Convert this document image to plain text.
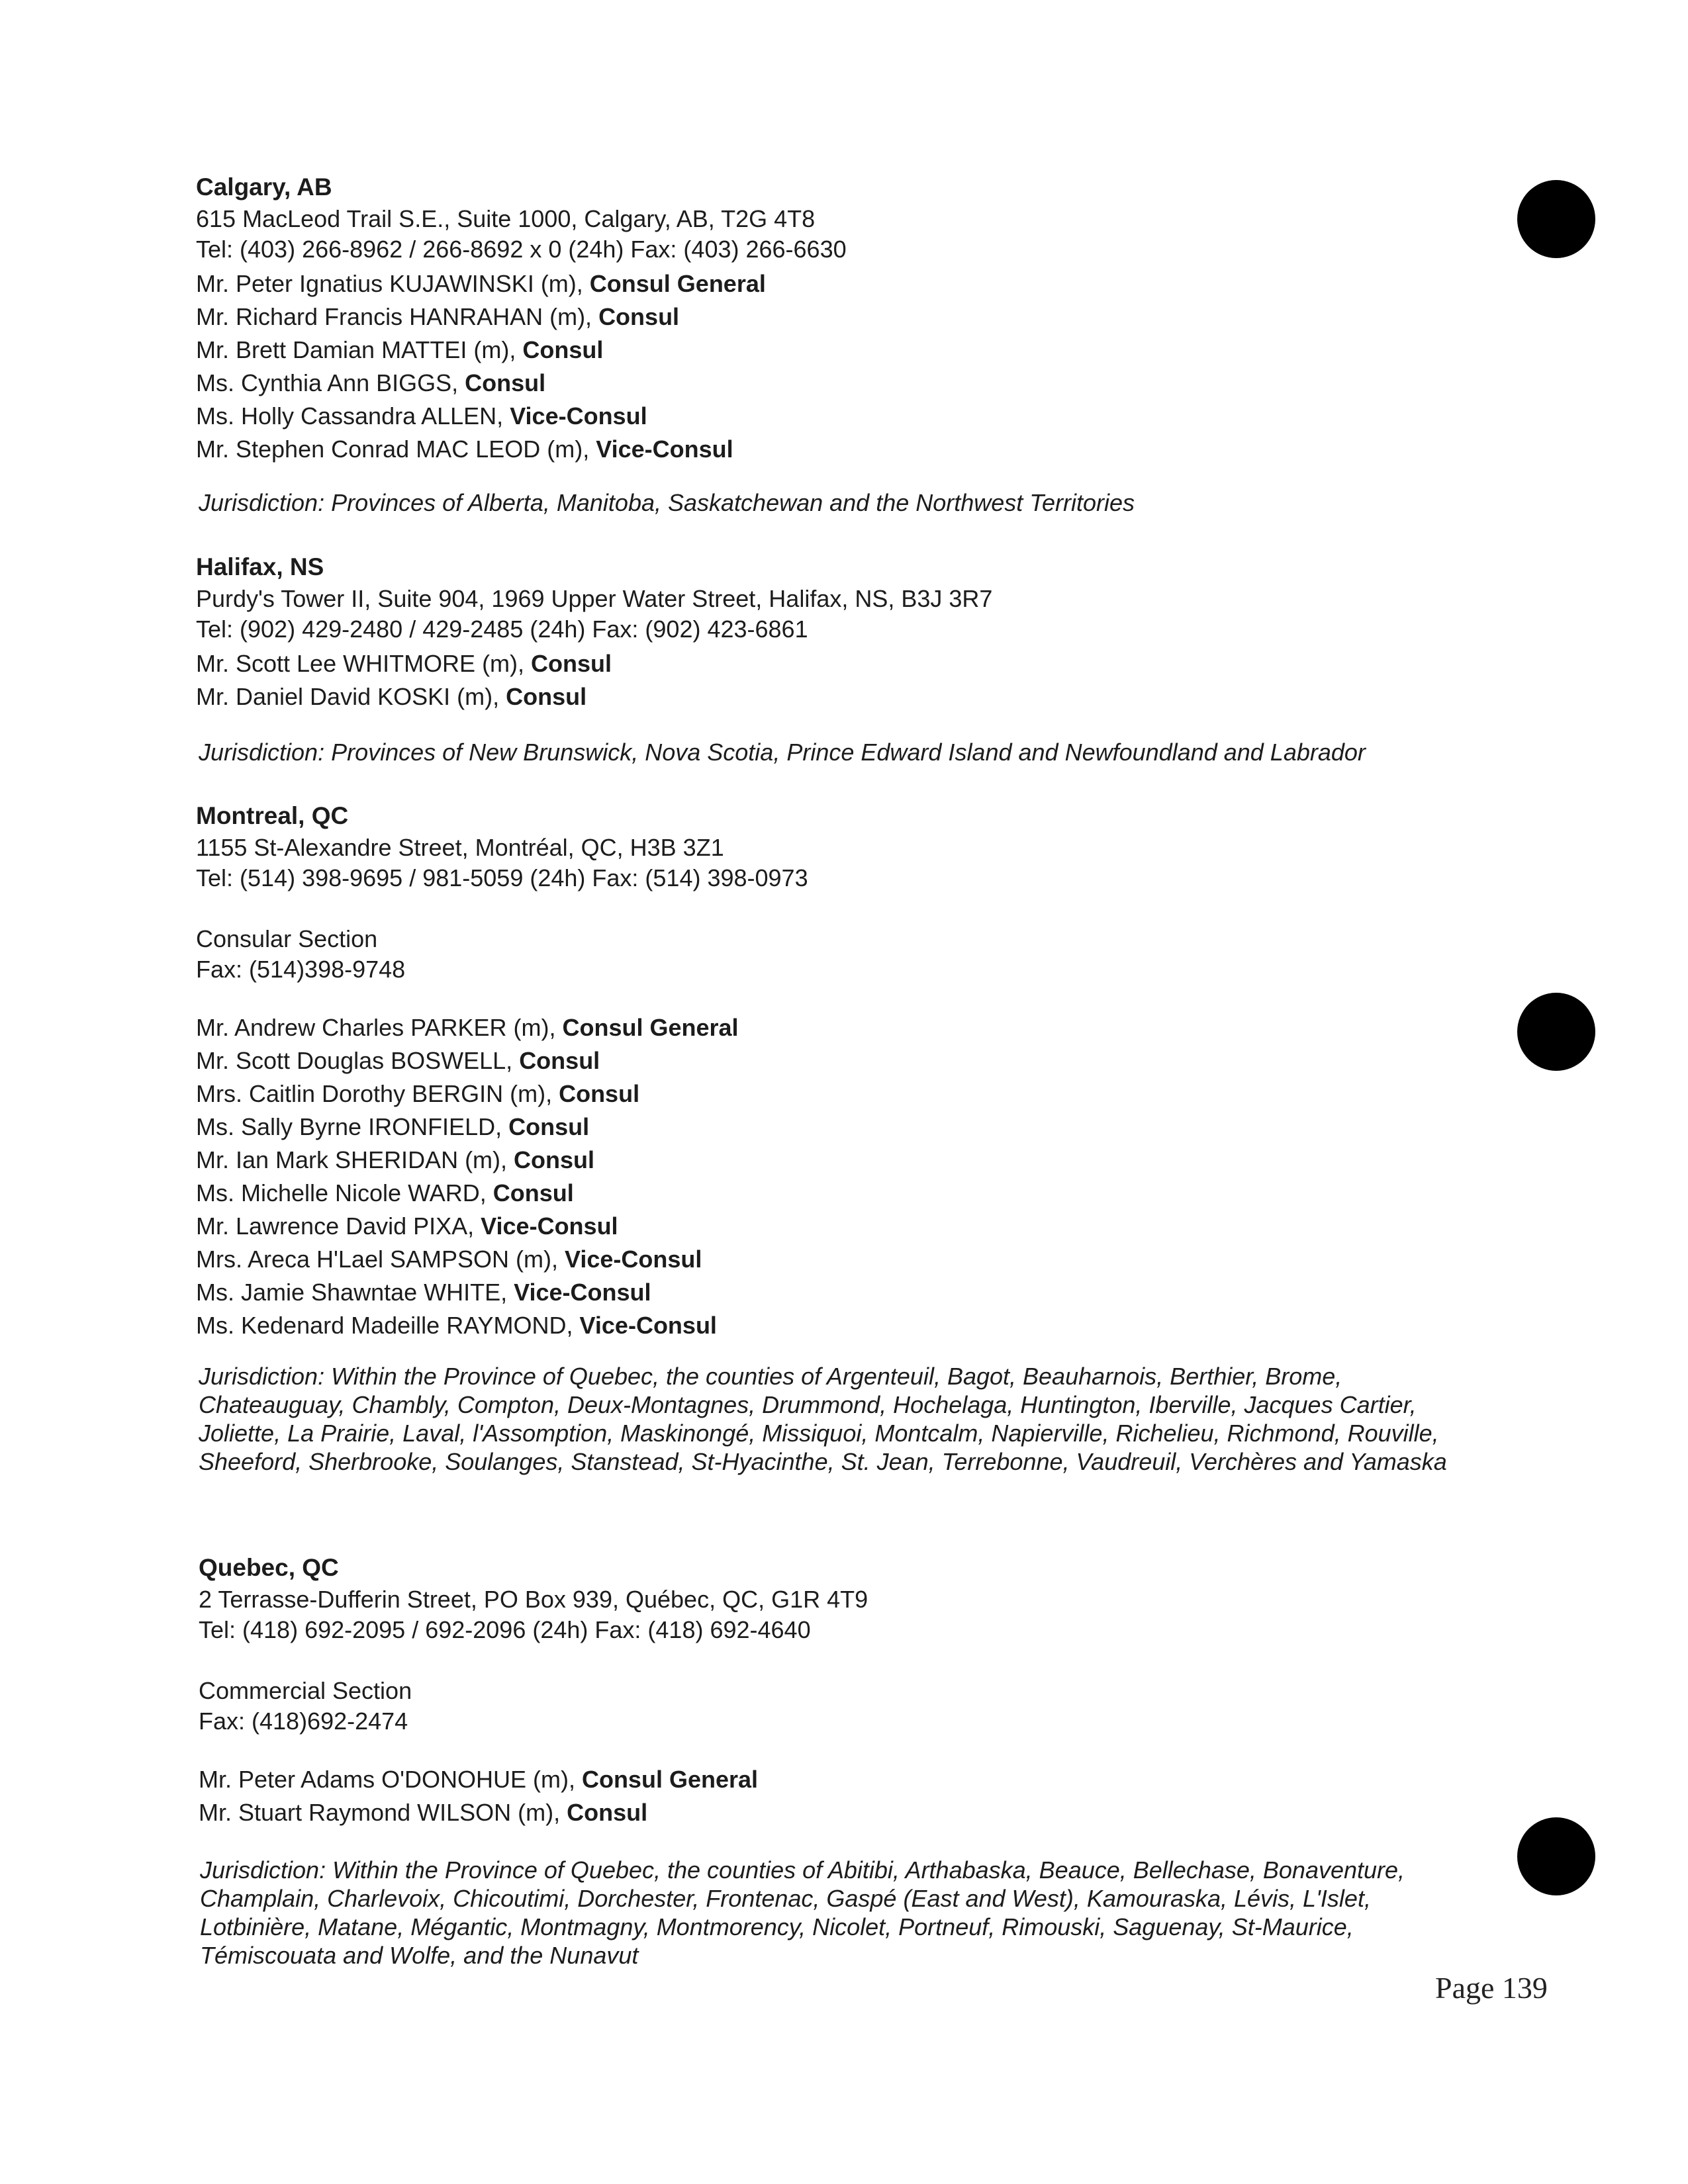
Calgary, AB

615 MacLeod Trail S.E., Suite 1000, Calgary, AB, T2G 4T8

Tel: (403) 266-8962 / 266-8692 x 0 (24h) Fax: (403) 266-6630

Mr. Peter Ignatius KUJAWINSKI (m), Consul General

Mr. Richard Francis HANRAHAN (m), Consul

Mr. Brett Damian MATTEI (m), Consul

Ms. Cynthia Ann BIGGS, Consul

Ms. Holly Cassandra ALLEN, Vice-Consul

Mr. Stephen Conrad MAC LEOD (m), Vice-Consul

Jurisdiction: Provinces of Alberta, Manitoba, Saskatchewan and the Northwest Territories

Halifax, NS

Purdy's Tower II, Suite 904, 1969 Upper Water Street, Halifax, NS, B3J 3R7

Tel: (902) 429-2480 / 429-2485 (24h) Fax: (902) 423-6861

Mr. Scott Lee WHITMORE (m), Consul

Mr. Daniel David KOSKI (m), Consul

Jurisdiction: Provinces of New Brunswick, Nova Scotia, Prince Edward Island and Newfoundland and Labrador

Montreal, QC

1155 St-Alexandre Street, Montréal, QC, H3B 3Z1

Tel: (514) 398-9695 / 981-5059 (24h) Fax: (514) 398-0973

Consular Section

Fax: (514)398-9748

Mr. Andrew Charles PARKER (m), Consul General

Mr. Scott Douglas BOSWELL, Consul

Mrs. Caitlin Dorothy BERGIN (m), Consul

Ms. Sally Byrne IRONFIELD, Consul

Mr. Ian Mark SHERIDAN (m), Consul

Ms. Michelle Nicole WARD, Consul

Mr. Lawrence David PIXA, Vice-Consul

Mrs. Areca H'Lael SAMPSON (m), Vice-Consul

Ms. Jamie Shawntae WHITE, Vice-Consul

Ms. Kedenard Madeille RAYMOND, Vice-Consul

Jurisdiction: Within the Province of Quebec, the counties of Argenteuil, Bagot, Beauharnois, Berthier, Brome,
Chateauguay, Chambly, Compton, Deux-Montagnes, Drummond, Hochelaga, Huntington, Iberville, Jacques Cartier,
Joliette, La Prairie, Laval, l'Assomption, Maskinongé, Missiquoi, Montcalm, Napierville, Richelieu, Richmond, Rouville,
Sheeford, Sherbrooke, Soulanges, Stanstead, St-Hyacinthe, St. Jean, Terrebonne, Vaudreuil, Verchères and Yamaska

Quebec, QC

2 Terrasse-Dufferin Street, PO Box 939, Québec, QC, G1R 4T9

Tel: (418) 692-2095 / 692-2096 (24h) Fax: (418) 692-4640

Commercial Section

Fax: (418)692-2474

Mr. Peter Adams O'DONOHUE (m), Consul General

Mr. Stuart Raymond WILSON (m), Consul

Jurisdiction: Within the Province of Quebec, the counties of Abitibi, Arthabaska, Beauce, Bellechase, Bonaventure,
Champlain, Charlevoix, Chicoutimi, Dorchester, Frontenac, Gaspé (East and West), Kamouraska, Lévis, L'Islet,
Lotbinière, Matane, Mégantic, Montmagny, Montmorency, Nicolet, Portneuf, Rimouski, Saguenay, St-Maurice,
Témiscouata and Wolfe, and the Nunavut
Page 139
